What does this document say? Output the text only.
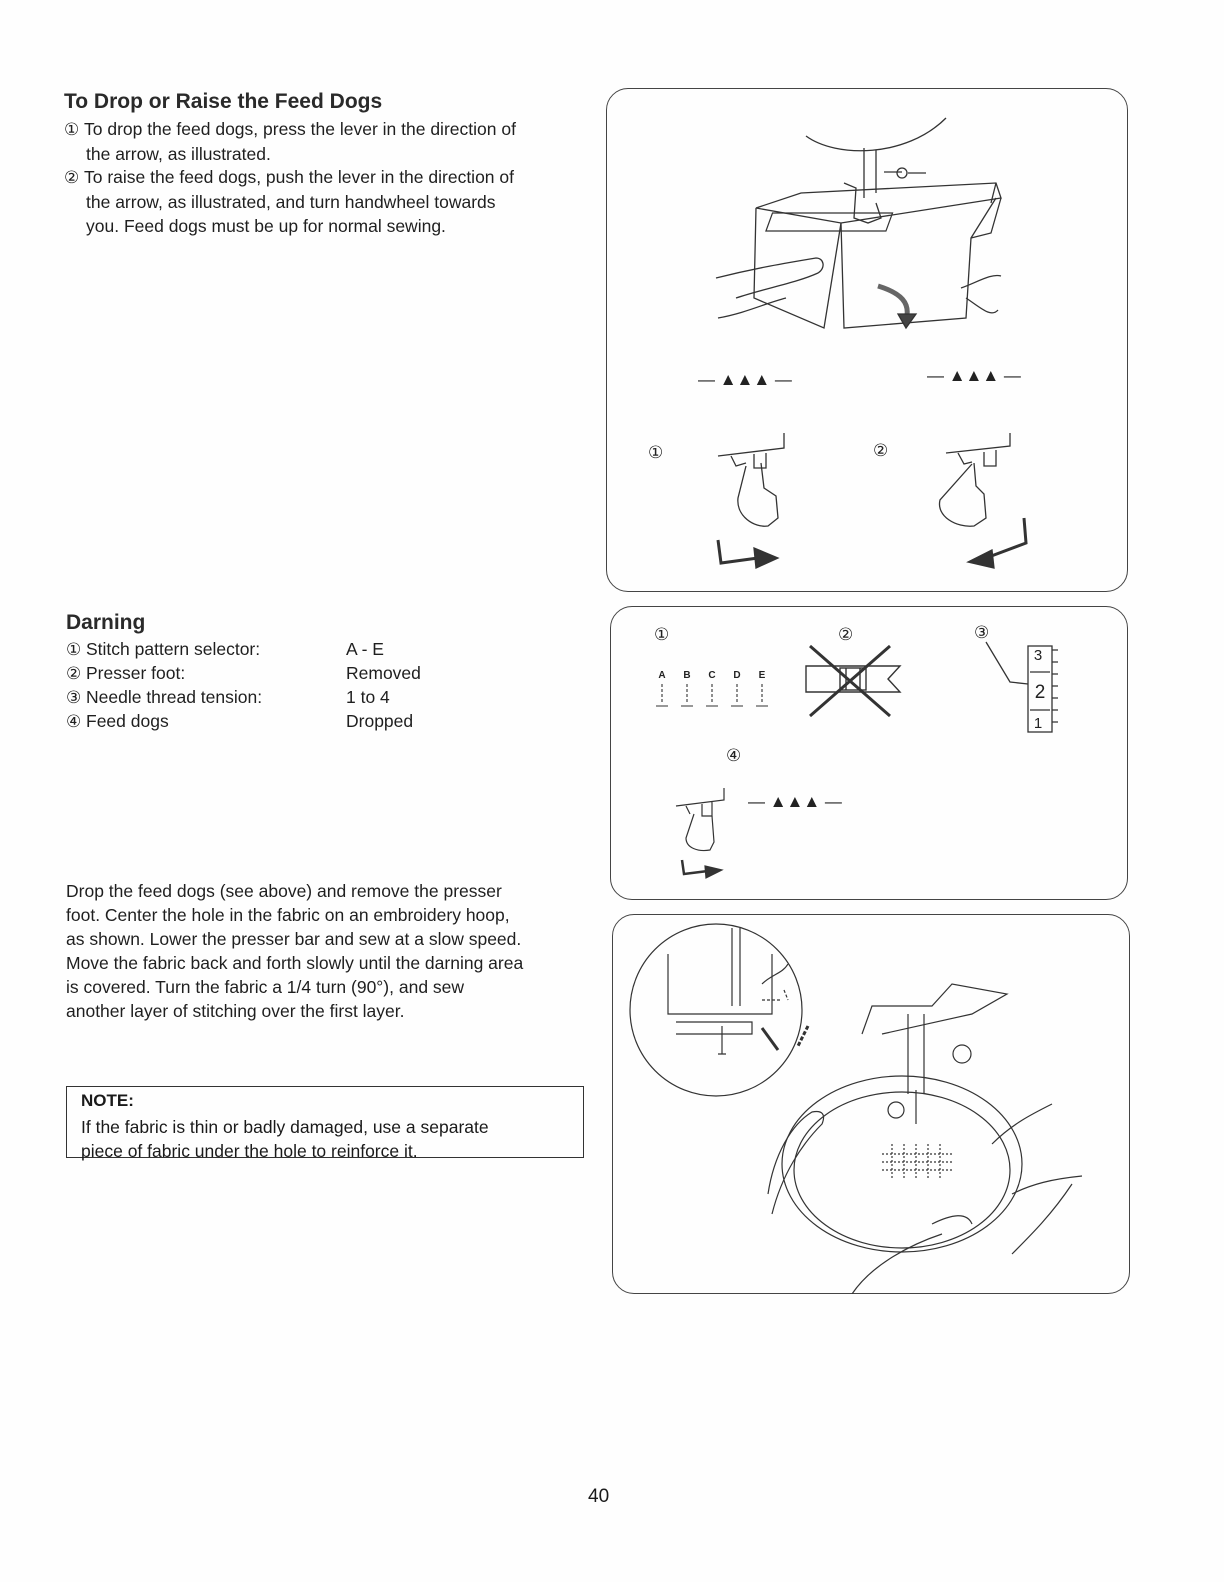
To Drop or Raise the Feed Dogs
① To drop the feed dogs, press the lever in the direction of
the arrow, as illustrated.
② To raise the feed dogs, push the lever in the direction of
the arrow, as illustrated, and turn handwheel towards
you. Feed dogs must be up for normal sewing.
Darning
① Stitch pattern selector:	A - E
② Presser foot:	Removed
③ Needle thread tension:	1 to 4
④ Feed dogs	Dropped
Drop the feed dogs (see above) and remove the presser
foot. Center the hole in the fabric on an embroidery hoop,
as shown. Lower the presser bar and sew at a slow speed.
Move the fabric back and forth slowly until the darning area
is covered. Turn the fabric a 1/4 turn (90°), and sew
another layer of stitching over the first layer.
NOTE:
If the fabric is thin or badly damaged, use a separate
piece of fabric under the hole to reinforce it.
— ▲▲▲ —	— ▲▲▲ —
①	②
①	②	③
④
A B C D E
3
2
1
— ▲▲▲ —
40
